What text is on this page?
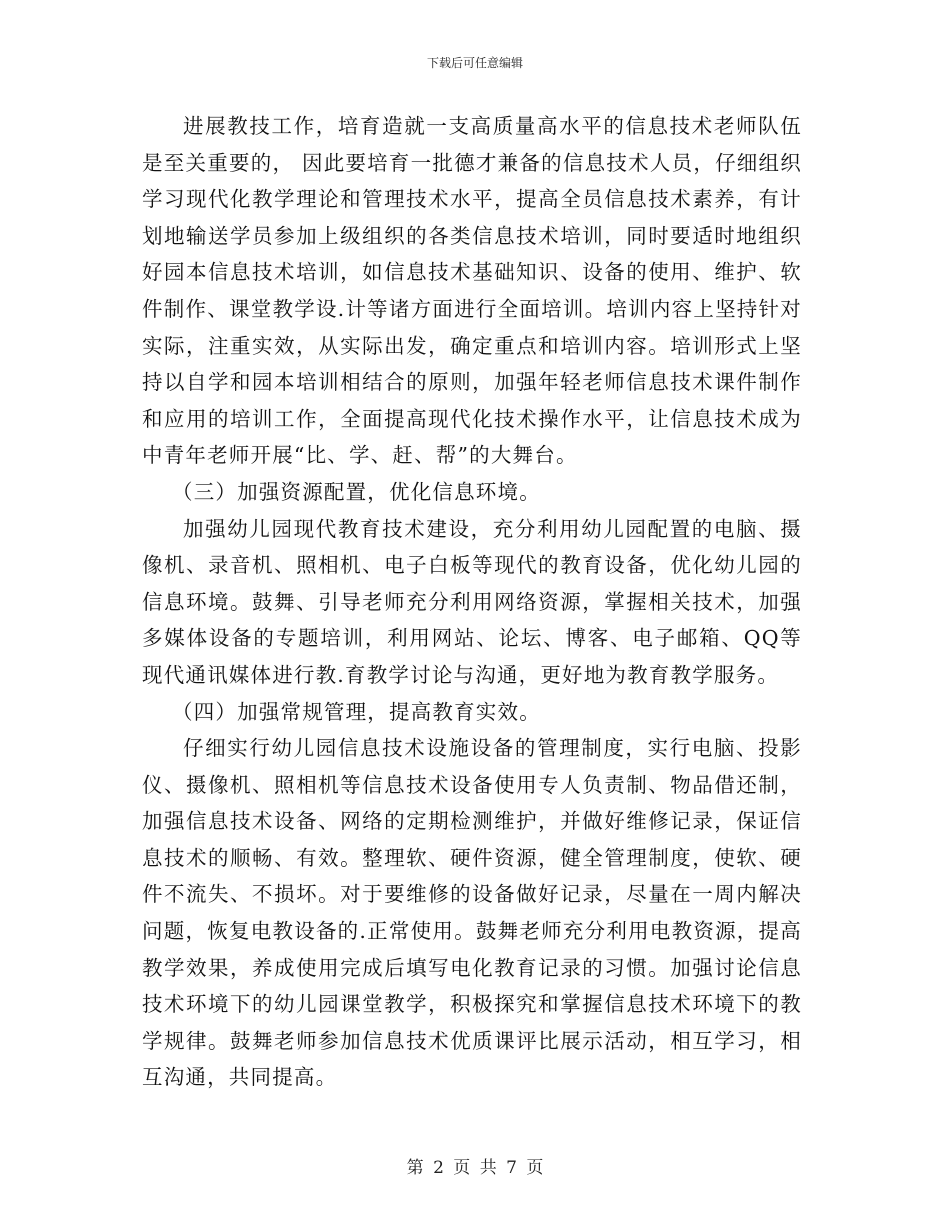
下载后可任意编辑

进展教技工作，培育造就一支高质量高水平的信息技术老师队伍是至关重要的， 因此要培育一批德才兼备的信息技术人员，仔细组织学习现代化教学理论和管理技术水平，提高全员信息技术素养，有计划地输送学员参加上级组织的各类信息技术培训，同时要适时地组织好园本信息技术培训，如信息技术基础知识、设备的使用、维护、软件制作、课堂教学设.计等诸方面进行全面培训。培训内容上坚持针对实际，注重实效，从实际出发，确定重点和培训内容。培训形式上坚持以自学和园本培训相结合的原则，加强年轻老师信息技术课件制作和应用的培训工作，全面提高现代化技术操作水平，让信息技术成为中青年老师开展“比、学、赶、帮”的大舞台。

（三）加强资源配置，优化信息环境。

加强幼儿园现代教育技术建设，充分利用幼儿园配置的电脑、摄像机、录音机、照相机、电子白板等现代的教育设备，优化幼儿园的信息环境。鼓舞、引导老师充分利用网络资源，掌握相关技术，加强多媒体设备的专题培训，利用网站、论坛、博客、电子邮箱、QQ等现代通讯媒体进行教.育教学讨论与沟通，更好地为教育教学服务。

（四）加强常规管理，提高教育实效。

仔细实行幼儿园信息技术设施设备的管理制度，实行电脑、投影仪、摄像机、照相机等信息技术设备使用专人负责制、物品借还制，加强信息技术设备、网络的定期检测维护，并做好维修记录，保证信息技术的顺畅、有效。整理软、硬件资源，健全管理制度，使软、硬件不流失、不损坏。对于要维修的设备做好记录，尽量在一周内解决问题，恢复电教设备的.正常使用。鼓舞老师充分利用电教资源，提高教学效果，养成使用完成后填写电化教育记录的习惯。加强讨论信息技术环境下的幼儿园课堂教学，积极探究和掌握信息技术环境下的教学规律。鼓舞老师参加信息技术优质课评比展示活动，相互学习，相互沟通，共同提高。

第 2 页 共 7 页
